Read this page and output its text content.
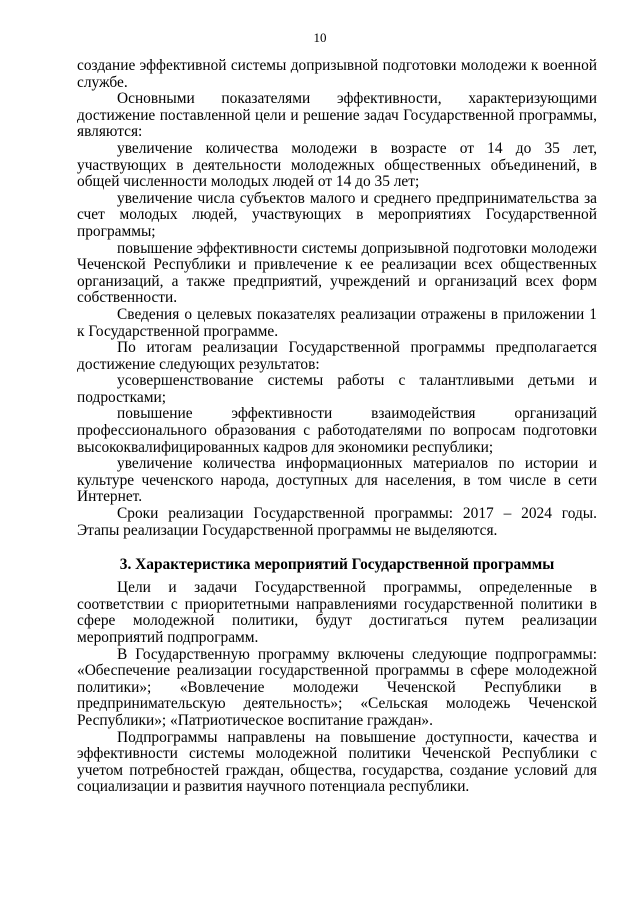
10

создание эффективной системы допризывной подготовки молодежи к военной службе.

Основными показателями эффективности, характеризующими достижение поставленной цели и решение задач Государственной программы, являются:

увеличение количества молодежи в возрасте от 14 до 35 лет, участвующих в деятельности молодежных общественных объединений, в общей численности молодых людей от 14 до 35 лет;

увеличение числа субъектов малого и среднего предпринимательства за счет молодых людей, участвующих в мероприятиях Государственной программы;

повышение эффективности системы допризывной подготовки молодежи Чеченской Республики и привлечение к ее реализации всех общественных организаций, а также предприятий, учреждений и организаций всех форм собственности.

Сведения о целевых показателях реализации отражены в приложении 1 к Государственной программе.

По итогам реализации Государственной программы предполагается достижение следующих результатов:

усовершенствование системы работы с талантливыми детьми и подростками;

повышение эффективности взаимодействия организаций профессионального образования с работодателями по вопросам подготовки высококвалифицированных кадров для экономики республики;

увеличение количества информационных материалов по истории и культуре чеченского народа, доступных для населения, в том числе в сети Интернет.

Сроки реализации Государственной программы: 2017 – 2024 годы. Этапы реализации Государственной программы не выделяются.

3. Характеристика мероприятий Государственной программы

Цели и задачи Государственной программы, определенные в соответствии с приоритетными направлениями государственной политики в сфере молодежной политики, будут достигаться путем реализации мероприятий подпрограмм.

В Государственную программу включены следующие подпрограммы: «Обеспечение реализации государственной программы в сфере молодежной политики»; «Вовлечение молодежи Чеченской Республики в предпринимательскую деятельность»; «Сельская молодежь Чеченской Республики»; «Патриотическое воспитание граждан».

Подпрограммы направлены на повышение доступности, качества и эффективности системы молодежной политики Чеченской Республики с учетом потребностей граждан, общества, государства, создание условий для социализации и развития научного потенциала республики.
